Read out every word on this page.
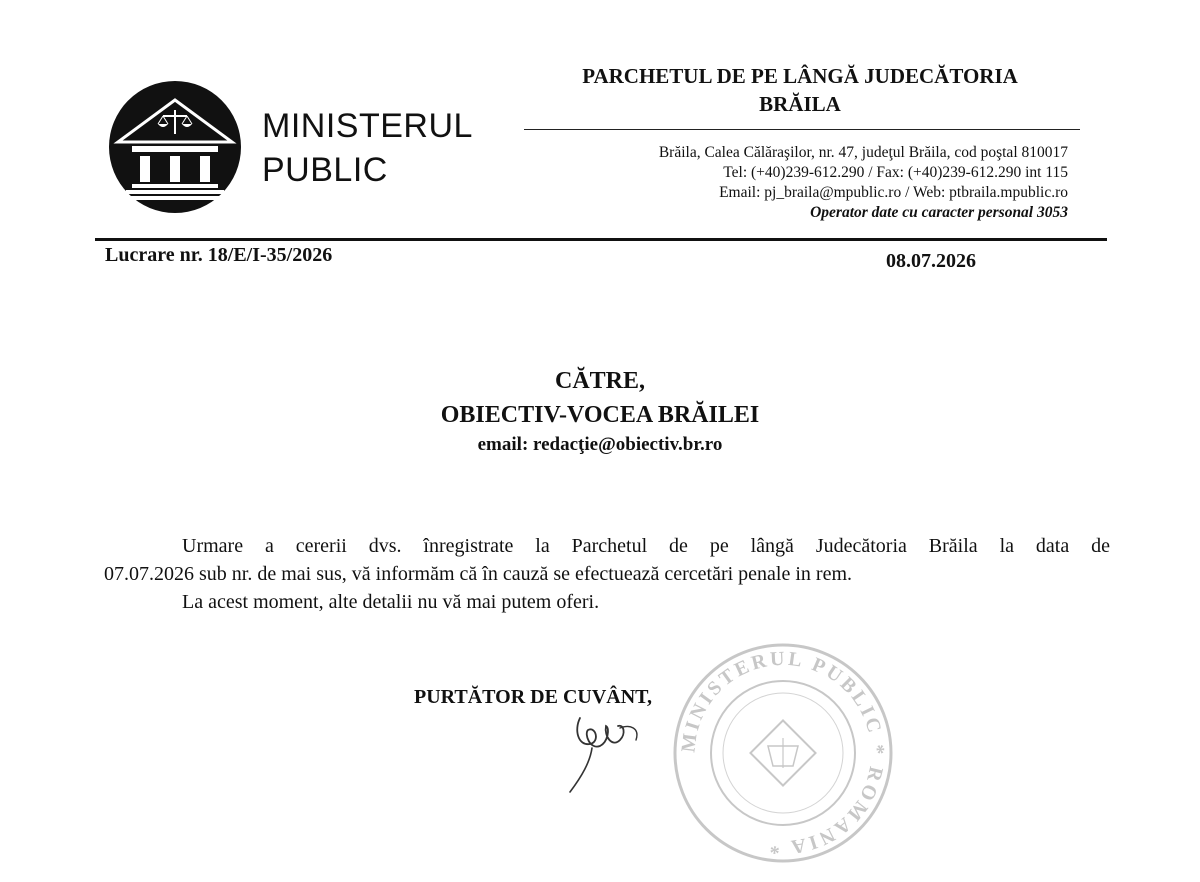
MINISTERUL
PUBLIC
PARCHETUL DE PE LÂNGĂ JUDECĂTORIA
BRĂILA
Brăila, Calea Călăraşilor, nr. 47, judeţul Brăila, cod poştal 810017
Tel: (+40)239-612.290 / Fax: (+40)239-612.290 int 115
Email: pj_braila@mpublic.ro / Web: ptbraila.mpublic.ro
Operator date cu caracter personal 3053
Lucrare nr. 18/E/I-35/2026	08.07.2026
CĂTRE,
OBIECTIV-VOCEA BRĂILEI
email: redacţie@obiectiv.br.ro

Urmare a cererii dvs. înregistrate la Parchetul de pe lângă Judecătoria Brăila la data de

07.07.2026 sub nr. de mai sus, vă informăm că în cauză se efectuează cercetări penale in rem.

La acest moment, alte detalii nu vă mai putem oferi.

PURTĂTOR DE CUVÂNT,
MINISTERUL PUBLIC * ROMANIA *
